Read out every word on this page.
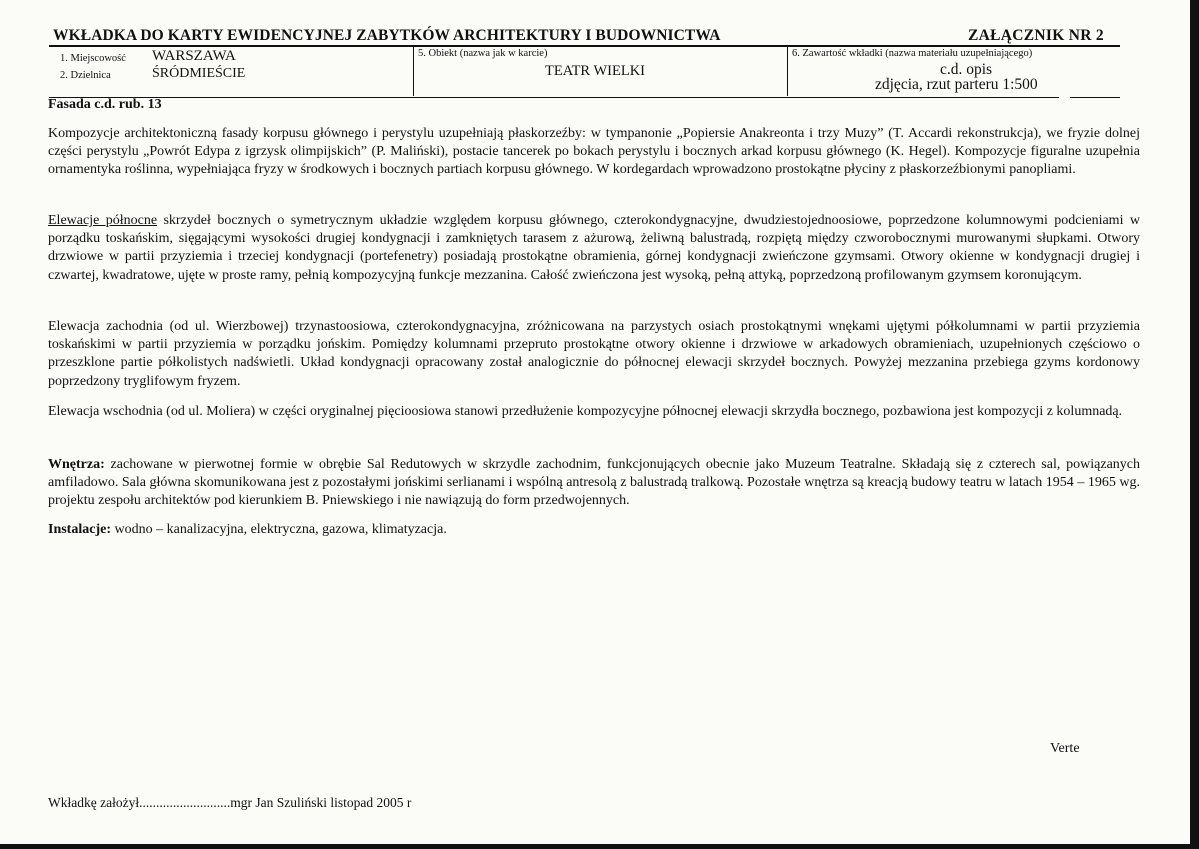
WKŁADKA DO KARTY EWIDENCYJNEJ ZABYTKÓW ARCHITEKTURY I BUDOWNICTWA	ZAŁĄCZNIK NR 2
1. Miejscowość WARSZAWA
2. Dzielnica	ŚRÓDMIEŚCIE
5. Obiekt (nazwa jak w karcie)
TEATR WIELKI
6. Zawartość wkładki (nazwa materiału uzupełniającego)
c.d. opis
zdjęcia, rzut parteru 1:500
Fasada c.d. rub. 13

Kompozycje architektoniczną fasady korpusu głównego i perystylu uzupełniają płaskorzeźby: w tympanonie „Popiersie Anakreonta i trzy Muzy” (T. Accardi rekonstrukcja), we fryzie dolnej części perystylu „Powrót Edypa z igrzysk olimpijskich” (P. Maliński), postacie tancerek po bokach perystylu i bocznych arkad korpusu głównego (K. Hegel). Kompozycje figuralne uzupełnia ornamentyka roślinna, wypełniająca fryzy w środkowych i bocznych partiach korpusu głównego. W kordegardach wprowadzono prostokątne płyciny z płaskorzeźbionymi panopliami.

Elewacje północne skrzydeł bocznych o symetrycznym układzie względem korpusu głównego, czterokondygnacyjne, dwudziestojednoosiowe, poprzedzone kolumnowymi podcieniami w porządku toskańskim, sięgającymi wysokości drugiej kondygnacji i zamkniętych tarasem z ażurową, żeliwną balustradą, rozpiętą między czworobocznymi murowanymi słupkami. Otwory drzwiowe w partii przyziemia i trzeciej kondygnacji (portefenetry) posiadają prostokątne obramienia, górnej kondygnacji zwieńczone gzymsami. Otwory okienne w kondygnacji drugiej i czwartej, kwadratowe, ujęte w proste ramy, pełnią kompozycyjną funkcje mezzanina. Całość zwieńczona jest wysoką, pełną attyką, poprzedzoną profilowanym gzymsem koronującym.

Elewacja zachodnia (od ul. Wierzbowej) trzynastoosiowa, czterokondygnacyjna, zróżnicowana na parzystych osiach prostokątnymi wnękami ujętymi półkolumnami w partii przyziemia toskańskimi w partii przyziemia w porządku jońskim. Pomiędzy kolumnami przepruto prostokątne otwory okienne i drzwiowe w arkadowych obramieniach, uzupełnionych częściowo o przeszklone partie półkolistych nadświetli. Układ kondygnacji opracowany został analogicznie do północnej elewacji skrzydeł bocznych. Powyżej mezzanina przebiega gzyms kordonowy poprzedzony tryglifowym fryzem.

Elewacja wschodnia (od ul. Moliera) w części oryginalnej pięcioosiowa stanowi przedłużenie kompozycyjne północnej elewacji skrzydła bocznego, pozbawiona jest kompozycji z kolumnadą.

Wnętrza: zachowane w pierwotnej formie w obrębie Sal Redutowych w skrzydle zachodnim, funkcjonujących obecnie jako Muzeum Teatralne. Składają się z czterech sal, powiązanych amfiladowo. Sala główna skomunikowana jest z pozostałymi jońskimi serlianami i wspólną antresolą z balustradą tralkową. Pozostałe wnętrza są kreacją budowy teatru w latach 1954 – 1965 wg. projektu zespołu architektów pod kierunkiem B. Pniewskiego i nie nawiązują do form przedwojennych.

Instalacje: wodno – kanalizacyjna, elektryczna, gazowa, klimatyzacja.

Verte
Wkładkę założył...........................mgr Jan Szuliński listopad 2005 r
